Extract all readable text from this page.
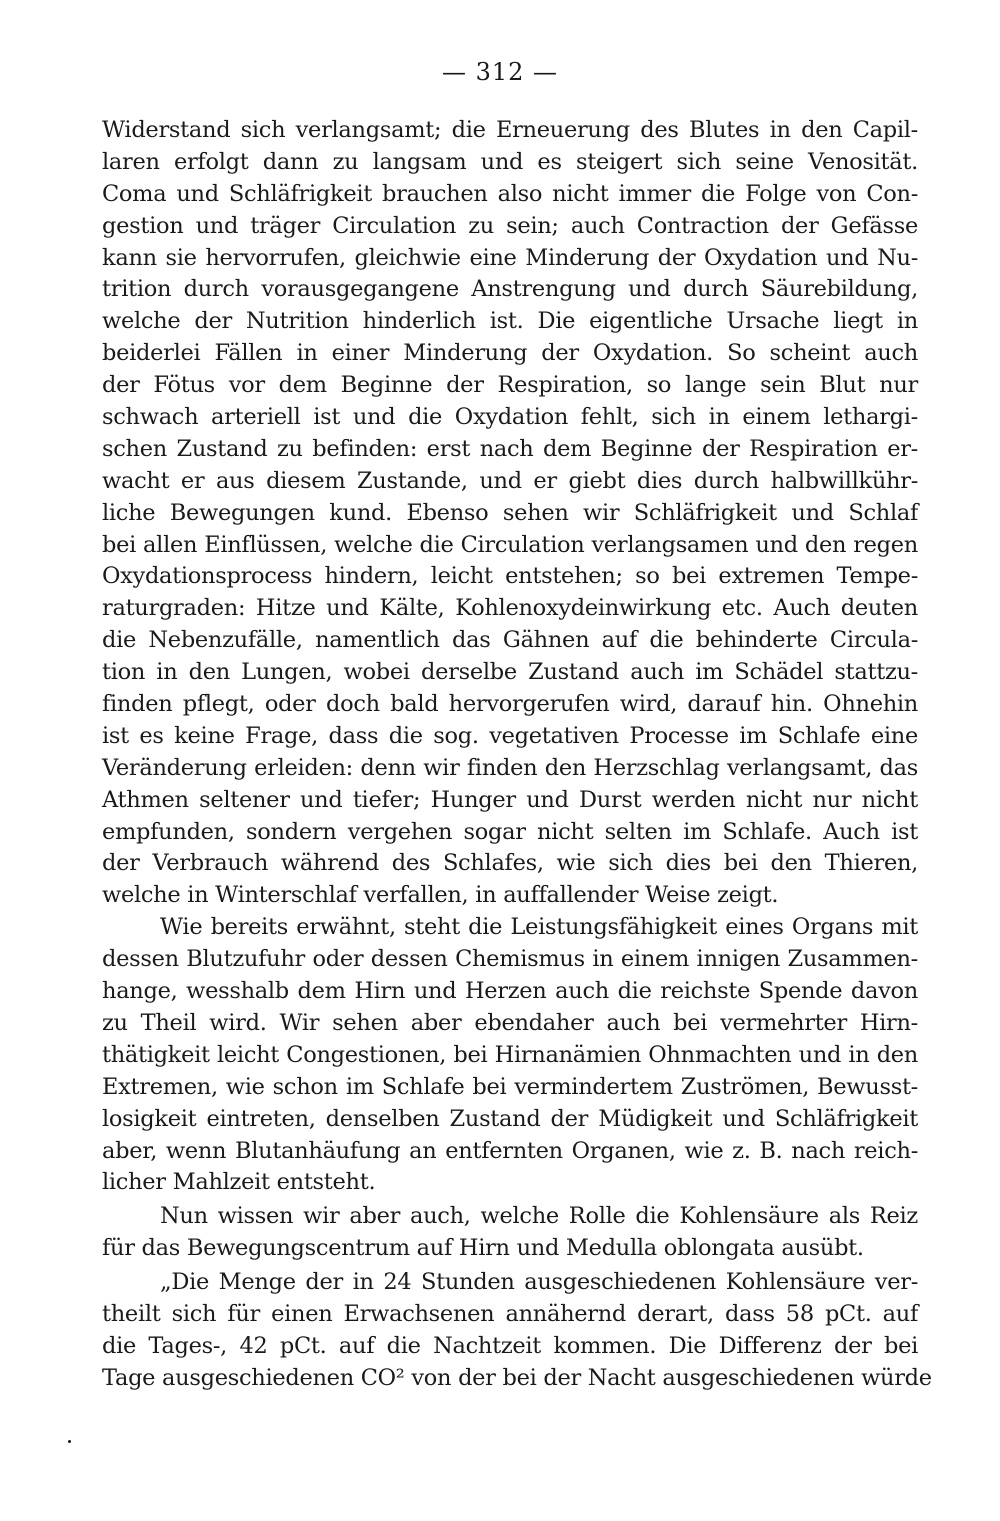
— 312 —
Widerstand sich verlangsamt; die Erneuerung des Blutes in den Capil-
laren erfolgt dann zu langsam und es steigert sich seine Venosität.
Coma und Schläfrigkeit brauchen also nicht immer die Folge von Con-
gestion und träger Circulation zu sein; auch Contraction der Gefässe
kann sie hervorrufen, gleichwie eine Minderung der Oxydation und Nu-
trition durch vorausgegangene Anstrengung und durch Säurebildung,
welche der Nutrition hinderlich ist. Die eigentliche Ursache liegt in
beiderlei Fällen in einer Minderung der Oxydation. So scheint auch
der Fötus vor dem Beginne der Respiration, so lange sein Blut nur
schwach arteriell ist und die Oxydation fehlt, sich in einem lethargi-
schen Zustand zu befinden: erst nach dem Beginne der Respiration er-
wacht er aus diesem Zustande, und er giebt dies durch halbwillkühr-
liche Bewegungen kund. Ebenso sehen wir Schläfrigkeit und Schlaf
bei allen Einflüssen, welche die Circulation verlangsamen und den regen
Oxydationsprocess hindern, leicht entstehen; so bei extremen Tempe-
raturgraden: Hitze und Kälte, Kohlenoxydeinwirkung etc. Auch deuten
die Nebenzufälle, namentlich das Gähnen auf die behinderte Circula-
tion in den Lungen, wobei derselbe Zustand auch im Schädel stattzu-
finden pflegt, oder doch bald hervorgerufen wird, darauf hin. Ohnehin
ist es keine Frage, dass die sog. vegetativen Processe im Schlafe eine
Veränderung erleiden: denn wir finden den Herzschlag verlangsamt, das
Athmen seltener und tiefer; Hunger und Durst werden nicht nur nicht
empfunden, sondern vergehen sogar nicht selten im Schlafe. Auch ist
der Verbrauch während des Schlafes, wie sich dies bei den Thieren,
welche in Winterschlaf verfallen, in auffallender Weise zeigt.
Wie bereits erwähnt, steht die Leistungsfähigkeit eines Organs mit
dessen Blutzufuhr oder dessen Chemismus in einem innigen Zusammen-
hange, wesshalb dem Hirn und Herzen auch die reichste Spende davon
zu Theil wird. Wir sehen aber ebendaher auch bei vermehrter Hirn-
thätigkeit leicht Congestionen, bei Hirnanämien Ohnmachten und in den
Extremen, wie schon im Schlafe bei vermindertem Zuströmen, Bewusst-
losigkeit eintreten, denselben Zustand der Müdigkeit und Schläfrigkeit
aber, wenn Blutanhäufung an entfernten Organen, wie z. B. nach reich-
licher Mahlzeit entsteht.
Nun wissen wir aber auch, welche Rolle die Kohlensäure als Reiz
für das Bewegungscentrum auf Hirn und Medulla oblongata ausübt.
„Die Menge der in 24 Stunden ausgeschiedenen Kohlensäure ver-
theilt sich für einen Erwachsenen annähernd derart, dass 58 pCt. auf
die Tages-, 42 pCt. auf die Nachtzeit kommen. Die Differenz der bei
Tage ausgeschiedenen CO² von der bei der Nacht ausgeschiedenen würde
